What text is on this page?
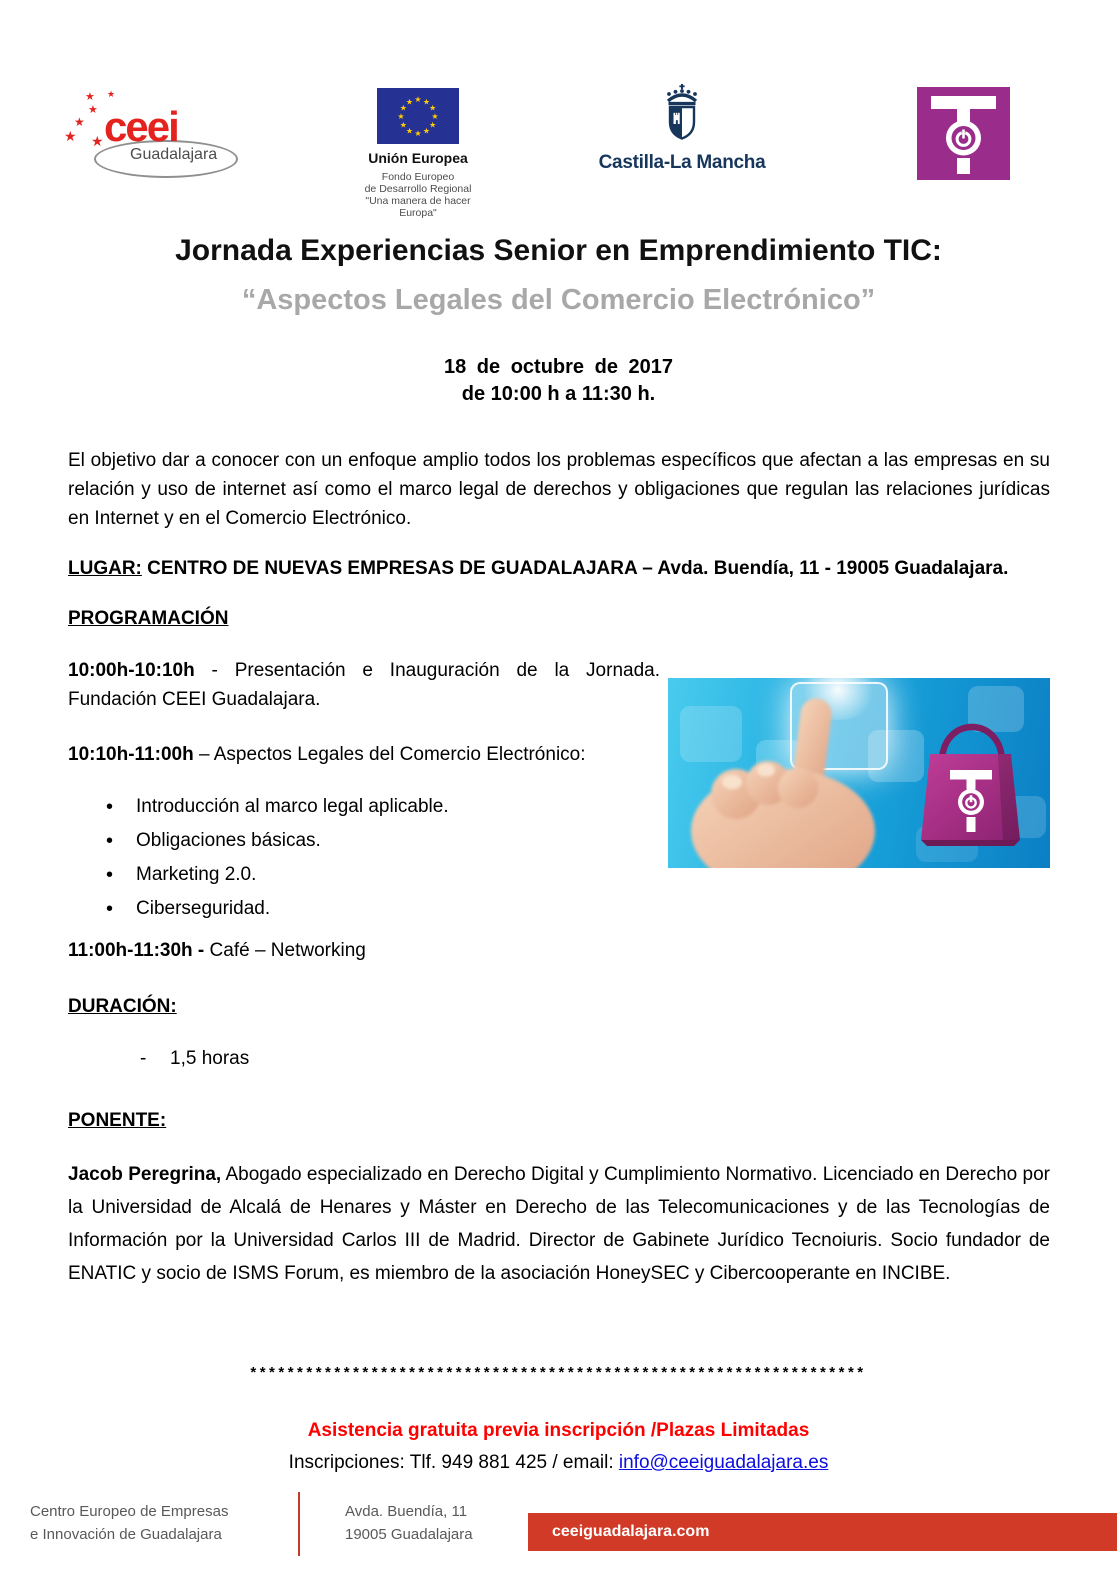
★ ★
★
★
★ ★ ceei
Guadalajara
★ ★
★
★
★
★
★
★
★
★
★
★
Unión Europea
Fondo Europeo
de Desarrollo Regional
"Una manera de hacer Europa"
Castilla-La Mancha
Jornada Experiencias Senior en Emprendimiento TIC:
“Aspectos Legales del Comercio Electrónico”
18 de octubre de 2017
de 10:00 h a 11:30 h.

El objetivo dar a conocer con un enfoque amplio todos los problemas específicos que afectan a las empresas en su relación y uso de internet así como el marco legal de derechos y obligaciones que regulan las relaciones jurídicas en Internet y en el Comercio Electrónico.

LUGAR: CENTRO DE NUEVAS EMPRESAS DE GUADALAJARA – Avda. Buendía, 11 - 19005 Guadalajara.
PROGRAMACIÓN

10:00h-10:10h - Presentación e Inauguración de la Jornada. Fundación CEEI Guadalajara.

10:10h-11:00h – Aspectos Legales del Comercio Electrónico:

• Introducción al marco legal aplicable.
• Obligaciones básicas.
• Marketing 2.0.
• Ciberseguridad.

11:00h-11:30h - Café – Networking

DURACIÓN:
- 1,5 horas
PONENTE:

Jacob Peregrina, Abogado especializado en Derecho Digital y Cumplimiento Normativo. Licenciado en Derecho por la Universidad de Alcalá de Henares y Máster en Derecho de las Telecomunicaciones y de las Tecnologías de Información por la Universidad Carlos III de Madrid. Director de Gabinete Jurídico Tecnoiuris. Socio fundador de ENATIC y socio de ISMS Forum, es miembro de la asociación HoneySEC y Cibercooperante en INCIBE.

******************************************************************
Asistencia gratuita previa inscripción /Plazas Limitadas
Inscripciones: Tlf. 949 881 425 / email: info@ceeiguadalajara.es
Centro Europeo de Empresas
e Innovación de Guadalajara
Avda. Buendía, 11
19005 Guadalajara	ceeiguadalajara.com
